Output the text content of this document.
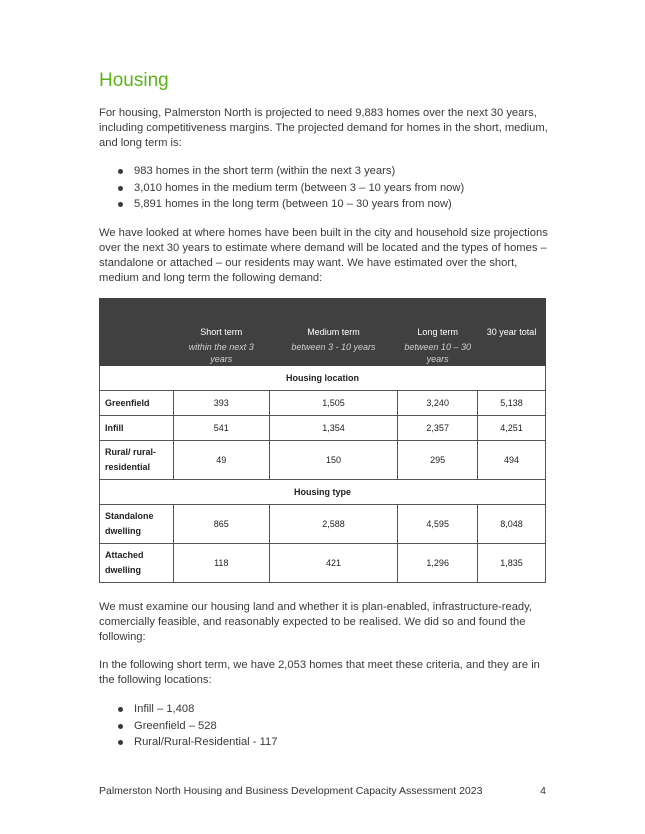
Housing

For housing, Palmerston North is projected to need 9,883 homes over the next 30 years, including competitiveness margins. The projected demand for homes in the short, medium, and long term is:

983 homes in the short term (within the next 3 years)
3,010 homes in the medium term (between 3 – 10 years from now)
5,891 homes in the long term (between 10 – 30 years from now)

We have looked at where homes have been built in the city and household size projections over the next 30 years to estimate where demand will be located and the types of homes – standalone or attached – our residents may want. We have estimated over the short, medium and long term the following demand:

	Short term	Medium term	Long term	30 year total
	within the next 3 years	between 3 - 10 years	between 10 – 30 years	
Housing location				
Greenfield	393	1,505	3,240	5,138
Infill	541	1,354	2,357	4,251
Rural/ rural-residential	49	150	295	494
Housing type				
Standalone dwelling	865	2,588	4,595	8,048
Attached dwelling	118	421	1,296	1,835

We must examine our housing land and whether it is plan-enabled, infrastructure-ready, comercially feasible, and reasonably expected to be realised. We did so and found the following:

In the following short term, we have 2,053 homes that meet these criteria, and they are in the following locations:

Infill – 1,408
Greenfield – 528
Rural/Rural-Residential - 117
Palmerston North Housing and Business Development Capacity Assessment 2023	4
